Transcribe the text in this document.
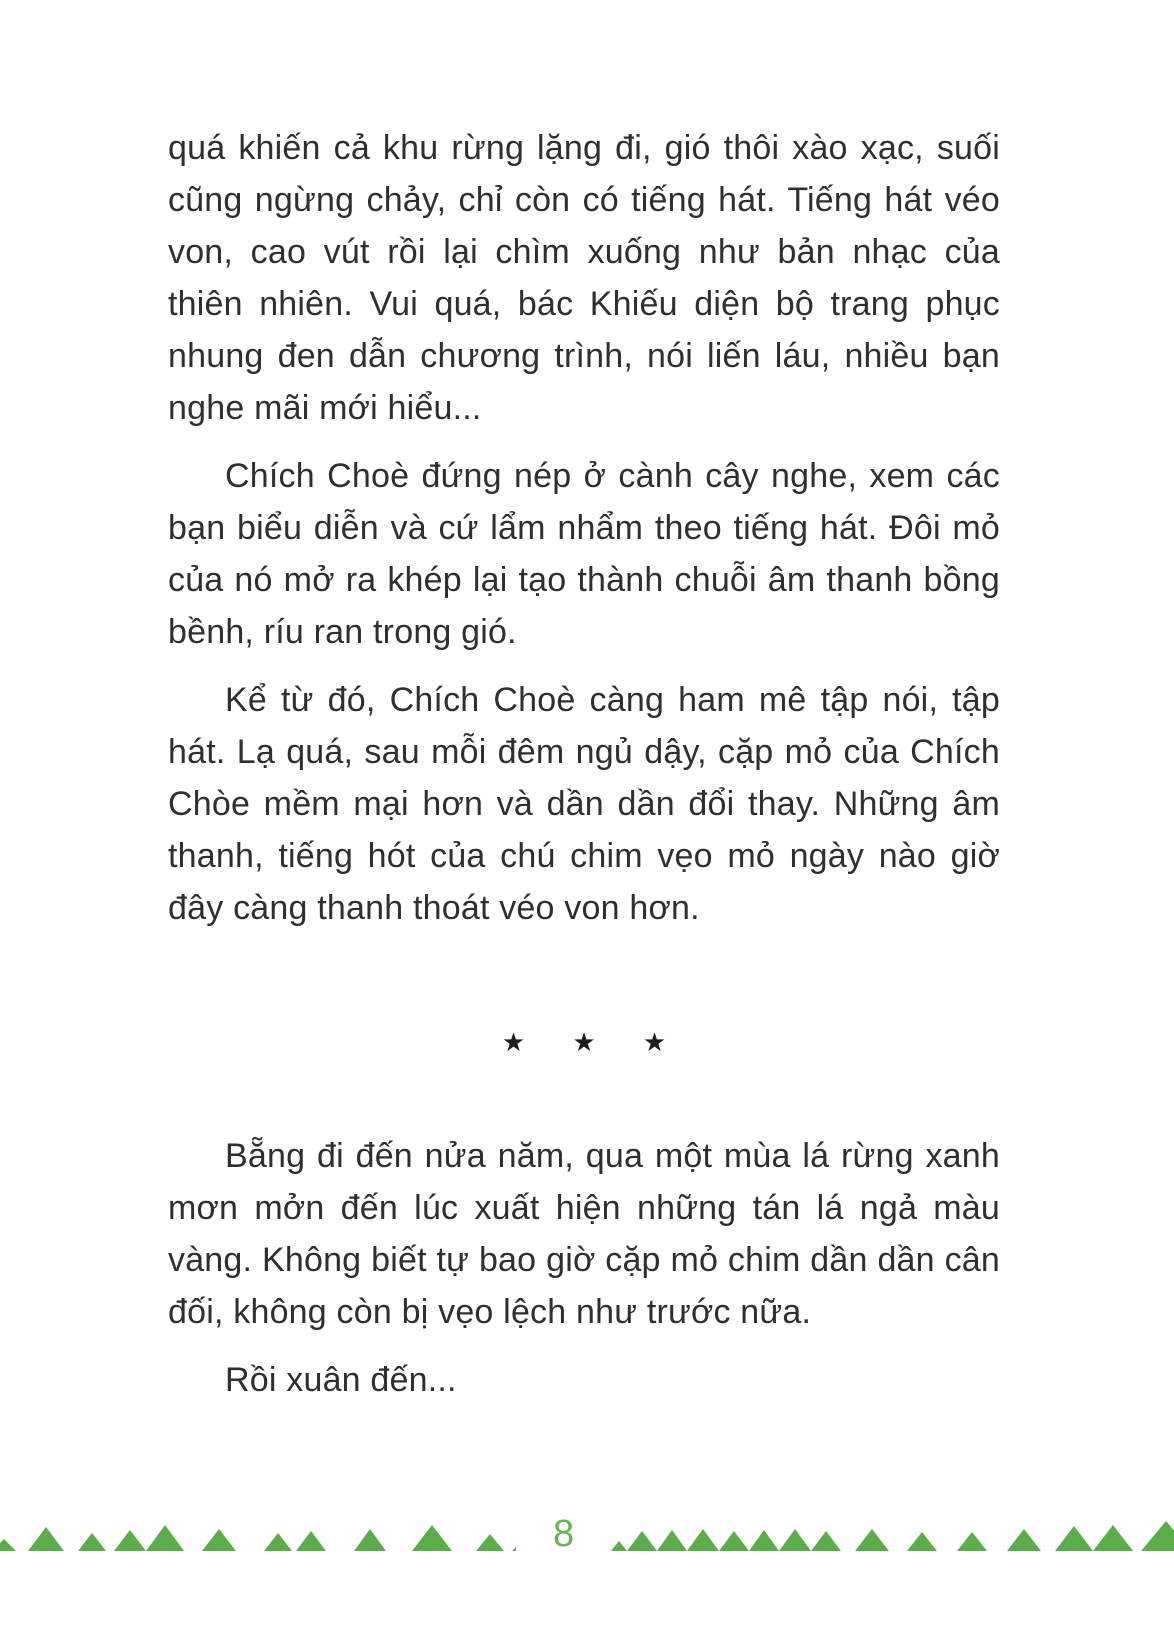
quá khiến cả khu rừng lặng đi, gió thôi xào xạc, suối cũng ngừng chảy, chỉ còn có tiếng hát. Tiếng hát véo von, cao vút rồi lại chìm xuống như bản nhạc của thiên nhiên. Vui quá, bác Khiếu diện bộ trang phục nhung đen dẫn chương trình, nói liến láu, nhiều bạn nghe mãi mới hiểu...

Chích Choè đứng nép ở cành cây nghe, xem các bạn biểu diễn và cứ lẩm nhẩm theo tiếng hát. Đôi mỏ của nó mở ra khép lại tạo thành chuỗi âm thanh bồng bềnh, ríu ran trong gió.

Kể từ đó, Chích Choè càng ham mê tập nói, tập hát. Lạ quá, sau mỗi đêm ngủ dậy, cặp mỏ của Chích Chòe mềm mại hơn và dần dần đổi thay. Những âm thanh, tiếng hót của chú chim vẹo mỏ ngày nào giờ đây càng thanh thoát véo von hơn.

★ ★ ★

Bẵng đi đến nửa năm, qua một mùa lá rừng xanh mơn mởn đến lúc xuất hiện những tán lá ngả màu vàng. Không biết tự bao giờ cặp mỏ chim dần dần cân đối, không còn bị vẹo lệch như trước nữa.

Rồi xuân đến...

8
